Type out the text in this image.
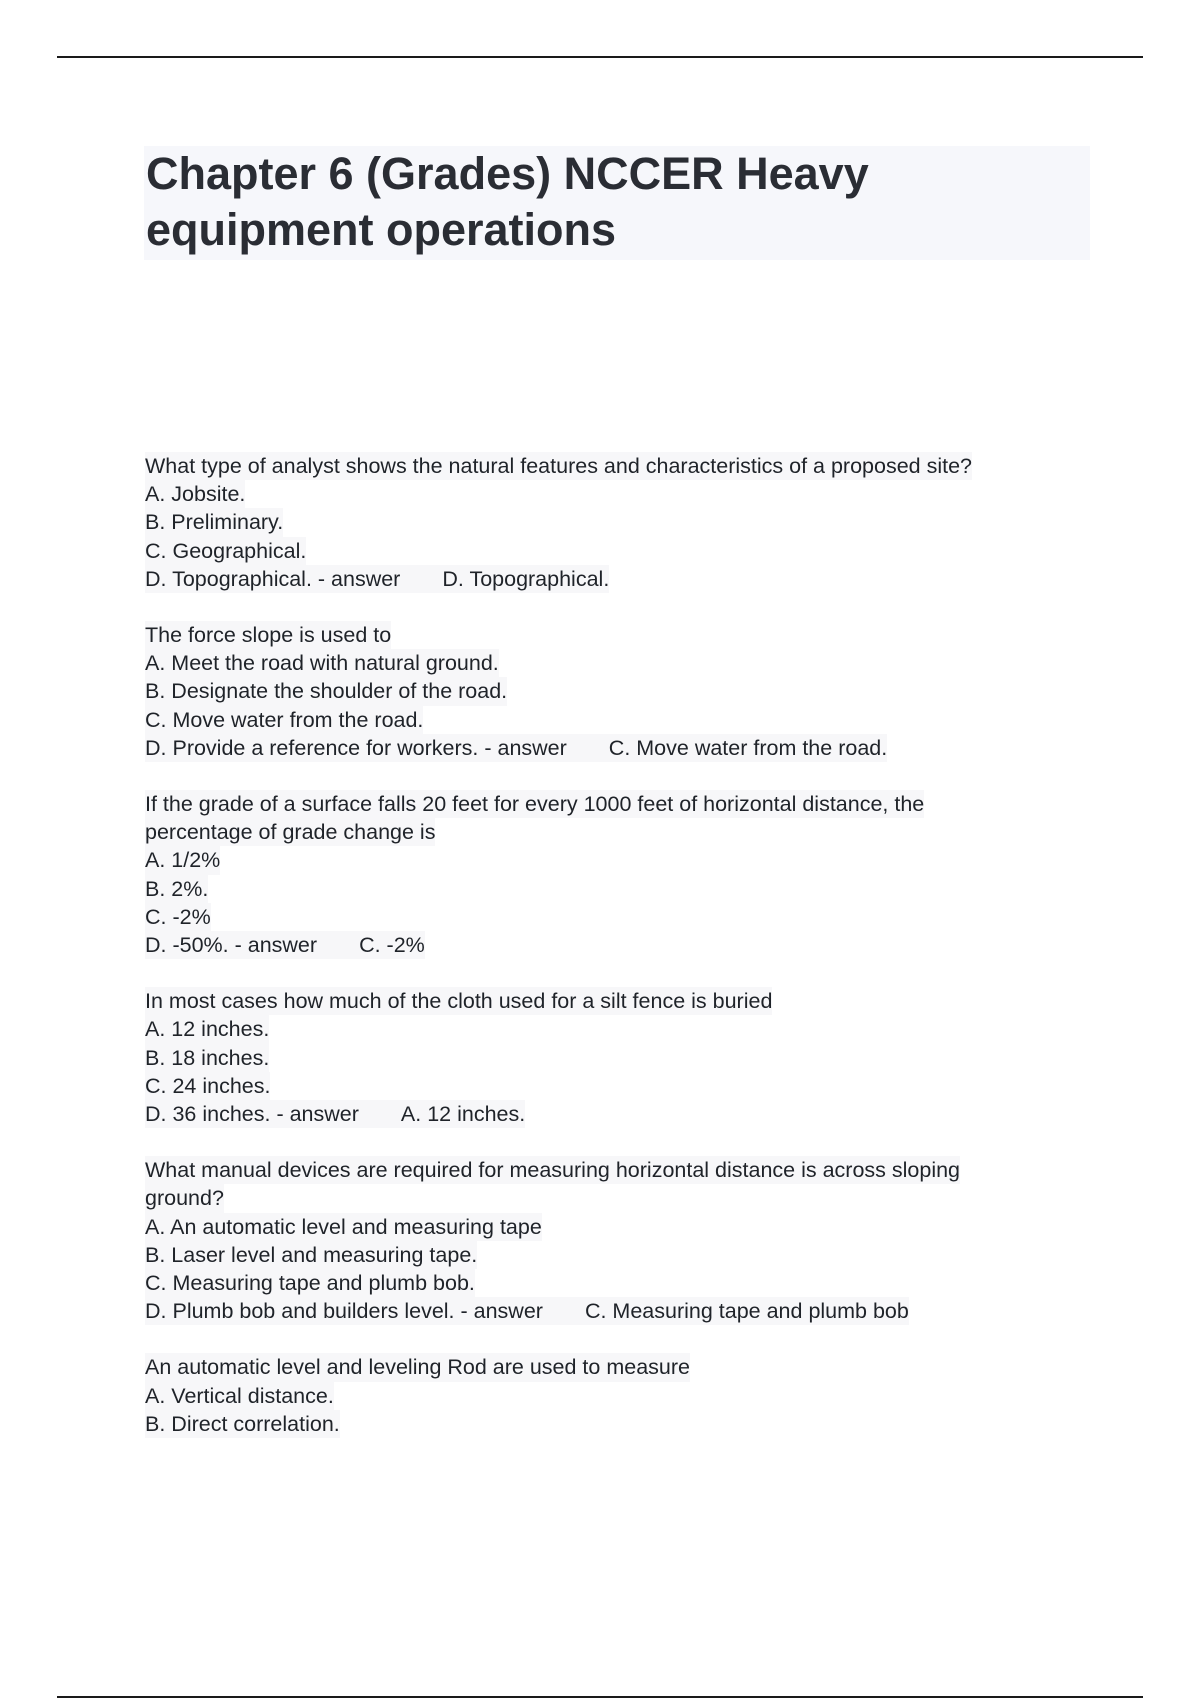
Chapter 6 (Grades) NCCER Heavy equipment operations
What type of analyst shows the natural features and characteristics of a proposed site?
A. Jobsite.
B. Preliminary.
C. Geographical.
D. Topographical. - answer D. Topographical.
The force slope is used to
A. Meet the road with natural ground.
B. Designate the shoulder of the road.
C. Move water from the road.
D. Provide a reference for workers. - answer C. Move water from the road.
If the grade of a surface falls 20 feet for every 1000 feet of horizontal distance, the
percentage of grade change is
A. 1/2%
B. 2%.
C. -2%
D. -50%. - answer C. -2%
In most cases how much of the cloth used for a silt fence is buried
A. 12 inches.
B. 18 inches.
C. 24 inches.
D. 36 inches. - answer A. 12 inches.
What manual devices are required for measuring horizontal distance is across sloping
ground?
A. An automatic level and measuring tape
B. Laser level and measuring tape.
C. Measuring tape and plumb bob.
D. Plumb bob and builders level. - answer C. Measuring tape and plumb bob
An automatic level and leveling Rod are used to measure
A. Vertical distance.
B. Direct correlation.
